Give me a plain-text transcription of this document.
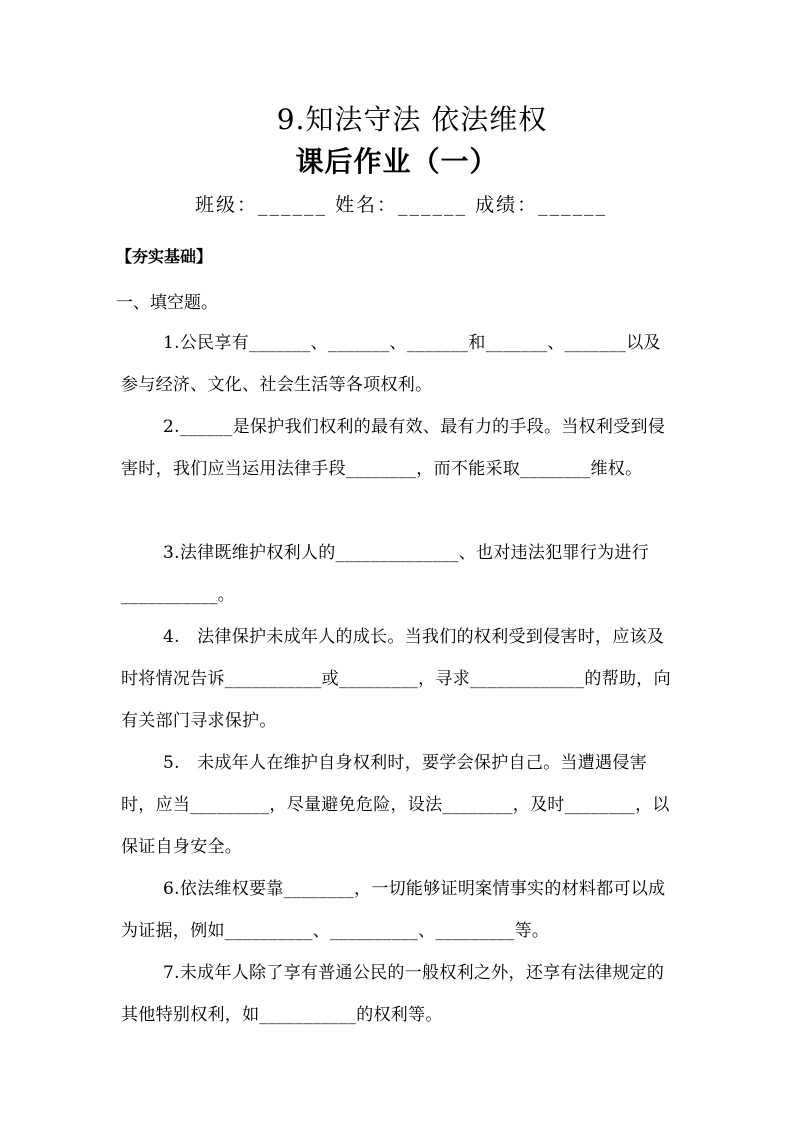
9.知法守法 依法维权
课后作业（一）
班级：______ 姓名：______ 成绩：______
【夯实基础】
一、填空题。
1.公民享有_______、_______、_______和_______、_______以及参与经济、文化、社会生活等各项权利。
2.______是保护我们权利的最有效、最有力的手段。当权利受到侵害时，我们应当运用法律手段________，而不能采取________维权。
3.法律既维护权利人的______________、也对违法犯罪行为进行___________。
4.　法律保护未成年人的成长。当我们的权利受到侵害时，应该及时将情况告诉___________或_________，寻求_____________的帮助，向有关部门寻求保护。
5.　未成年人在维护自身权利时，要学会保护自己。当遭遇侵害时，应当_________，尽量避免危险，设法________，及时________，以保证自身安全。
6.依法维权要靠________，一切能够证明案情事实的材料都可以成为证据，例如__________、__________、_________等。
7.未成年人除了享有普通公民的一般权利之外，还享有法律规定的其他特别权利，如___________的权利等。
